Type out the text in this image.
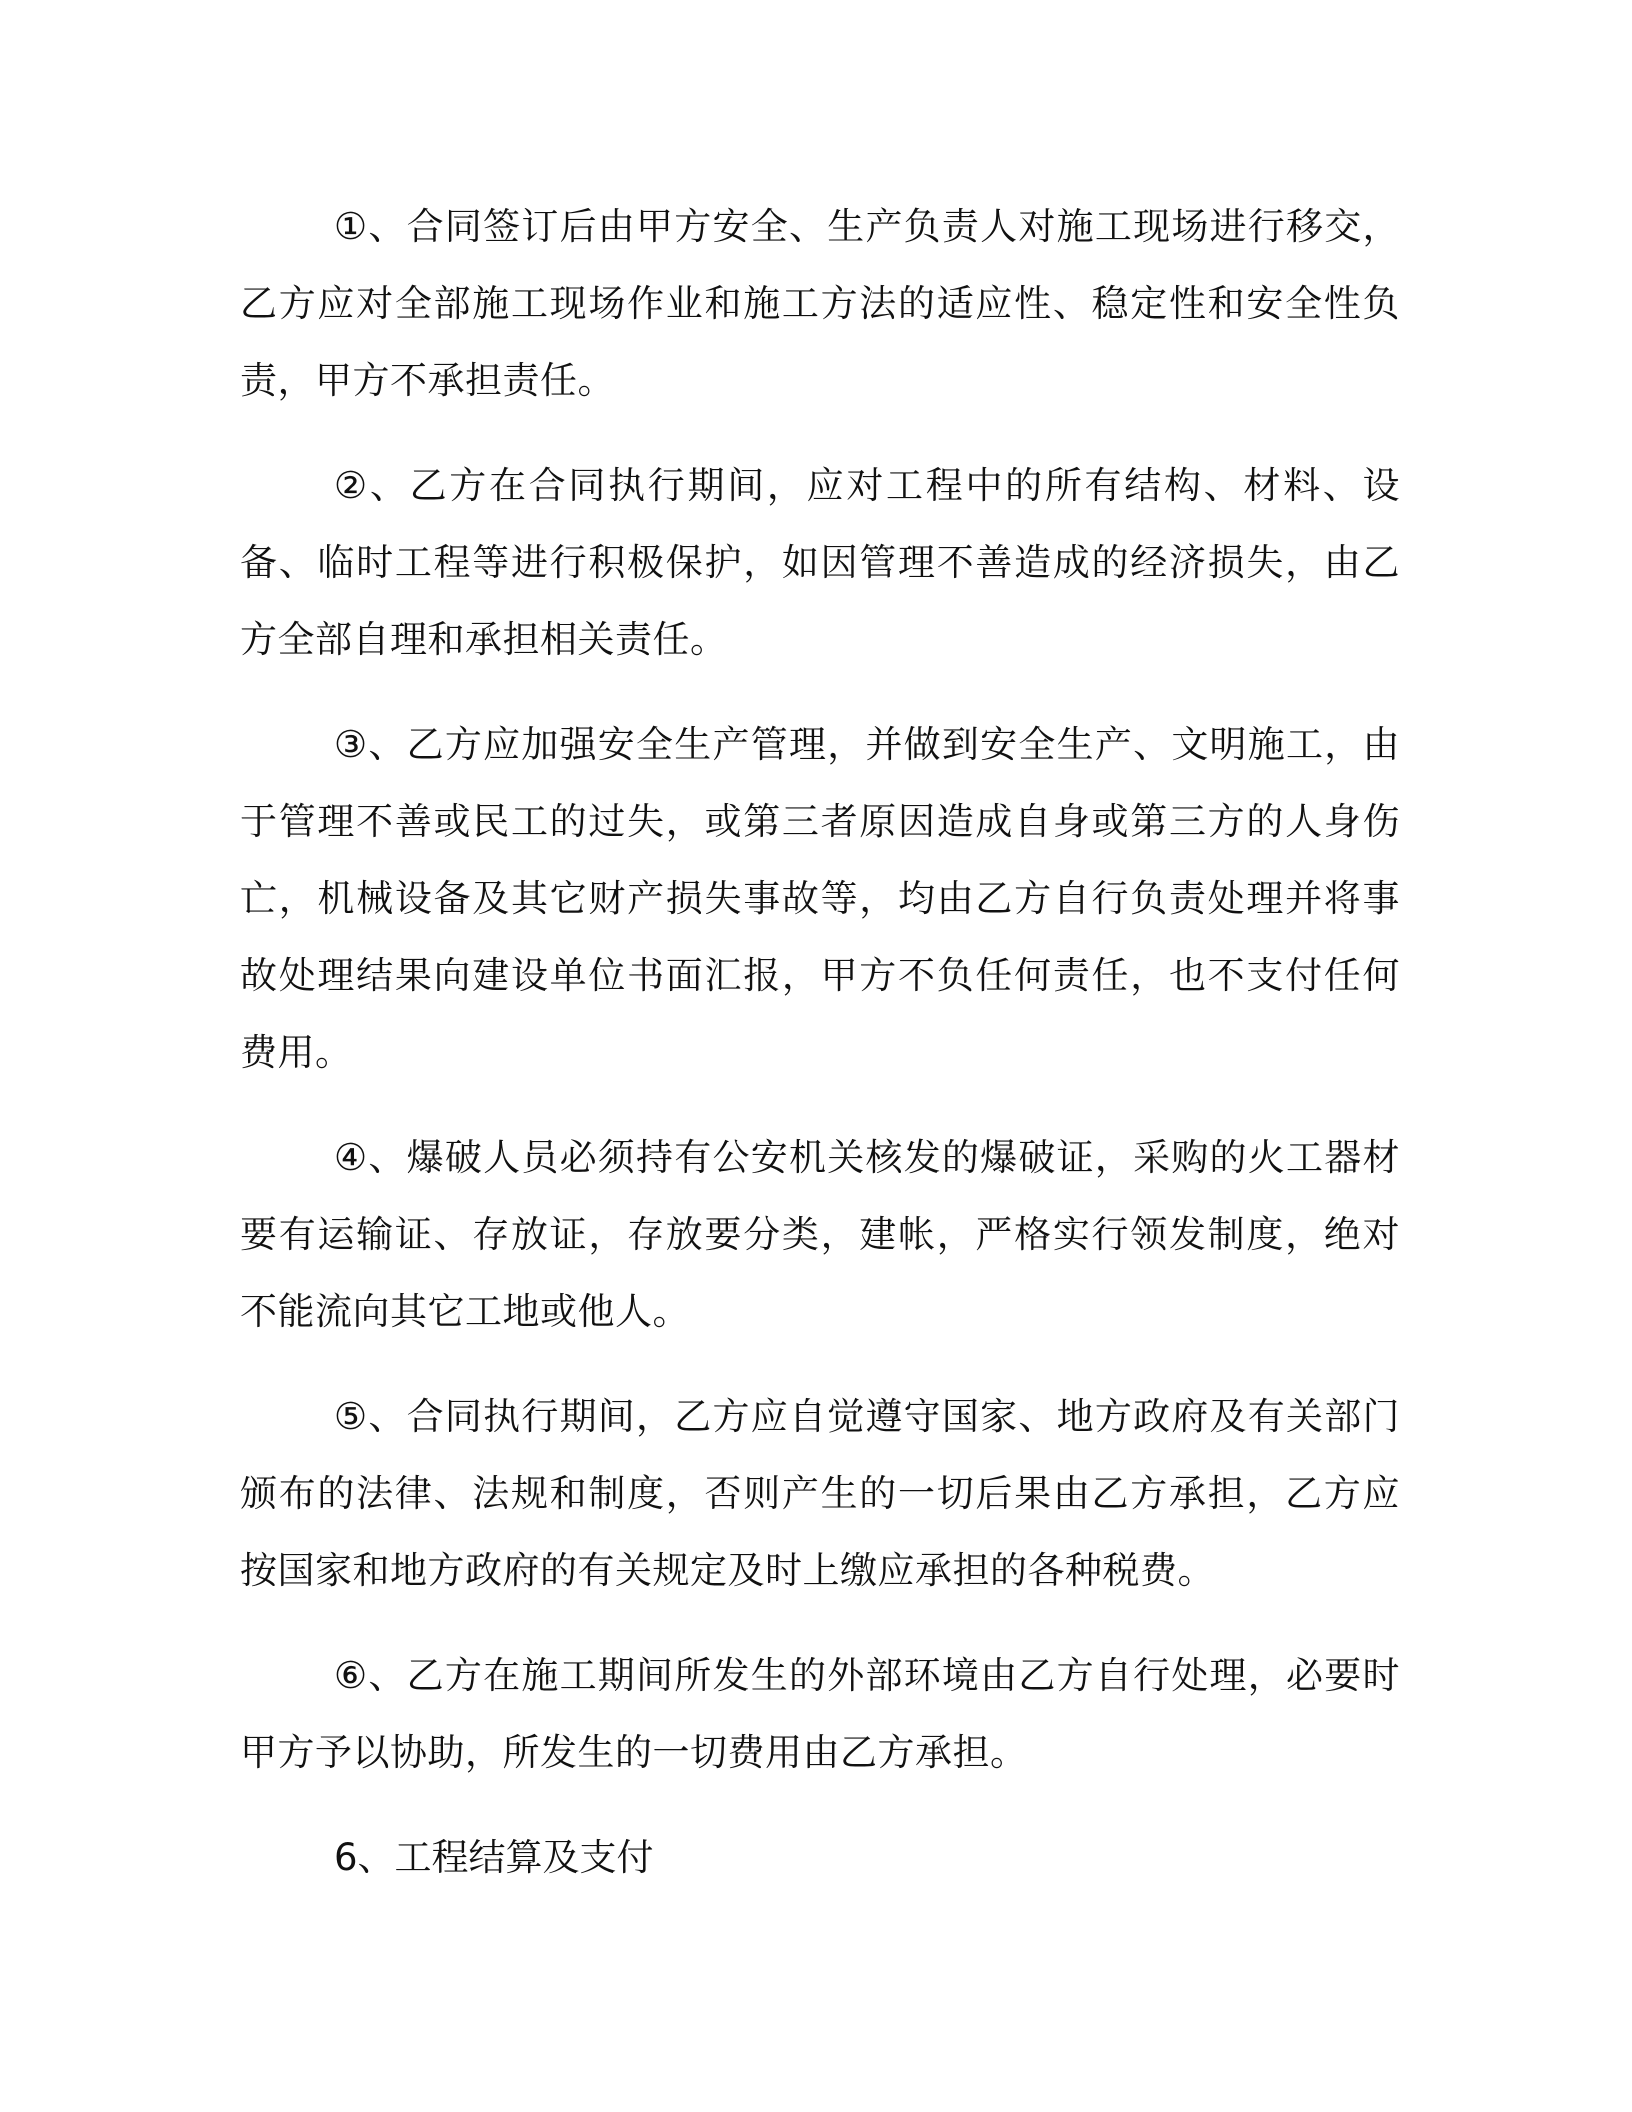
①、合同签订后由甲方安全、生产负责人对施工现场进行移交，乙方应对全部施工现场作业和施工方法的适应性、稳定性和安全性负责，甲方不承担责任。

②、乙方在合同执行期间，应对工程中的所有结构、材料、设备、临时工程等进行积极保护，如因管理不善造成的经济损失，由乙方全部自理和承担相关责任。

③、乙方应加强安全生产管理，并做到安全生产、文明施工，由于管理不善或民工的过失，或第三者原因造成自身或第三方的人身伤亡，机械设备及其它财产损失事故等，均由乙方自行负责处理并将事故处理结果向建设单位书面汇报，甲方不负任何责任，也不支付任何费用。

④、爆破人员必须持有公安机关核发的爆破证，采购的火工器材要有运输证、存放证，存放要分类，建帐，严格实行领发制度，绝对不能流向其它工地或他人。

⑤、合同执行期间，乙方应自觉遵守国家、地方政府及有关部门颁布的法律、法规和制度，否则产生的一切后果由乙方承担，乙方应按国家和地方政府的有关规定及时上缴应承担的各种税费。

⑥、乙方在施工期间所发生的外部环境由乙方自行处理，必要时甲方予以协助，所发生的一切费用由乙方承担。

6、工程结算及支付
